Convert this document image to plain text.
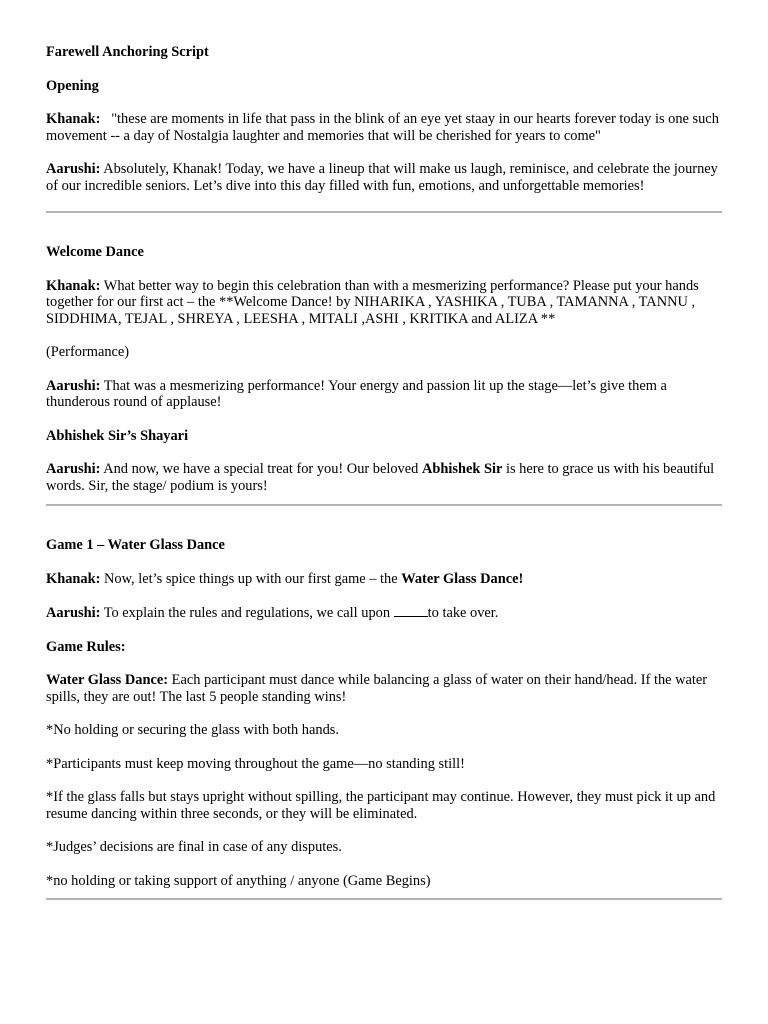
Farewell Anchoring Script

Opening

Khanak: "these are moments in life that pass in the blink of an eye yet staay in our hearts forever today is one such movement -- a day of Nostalgia laughter and memories that will be cherished for years to come"

Aarushi: Absolutely, Khanak! Today, we have a lineup that will make us laugh, reminisce, and celebrate the journey of our incredible seniors. Let’s dive into this day filled with fun, emotions, and unforgettable memories!

Welcome Dance

Khanak: What better way to begin this celebration than with a mesmerizing performance? Please put your hands together for our first act – the **Welcome Dance! by NIHARIKA , YASHIKA , TUBA , TAMANNA , TANNU , SIDDHIMA, TEJAL , SHREYA , LEESHA , MITALI ,ASHI , KRITIKA and ALIZA **

(Performance)

Aarushi: That was a mesmerizing performance! Your energy and passion lit up the stage—let’s give them a thunderous round of applause!

Abhishek Sir’s Shayari

Aarushi: And now, we have a special treat for you! Our beloved Abhishek Sir is here to grace us with his beautiful words. Sir, the stage/ podium is yours!

Game 1 – Water Glass Dance

Khanak: Now, let’s spice things up with our first game – the Water Glass Dance!

Aarushi: To explain the rules and regulations, we call upon	to take over.

Game Rules:

Water Glass Dance: Each participant must dance while balancing a glass of water on their hand/head. If the water spills, they are out! The last 5 people standing wins!

*No holding or securing the glass with both hands.

*Participants must keep moving throughout the game—no standing still!

*If the glass falls but stays upright without spilling, the participant may continue. However, they must pick it up and resume dancing within three seconds, or they will be eliminated.

*Judges’ decisions are final in case of any disputes.

*no holding or taking support of anything / anyone (Game Begins)
